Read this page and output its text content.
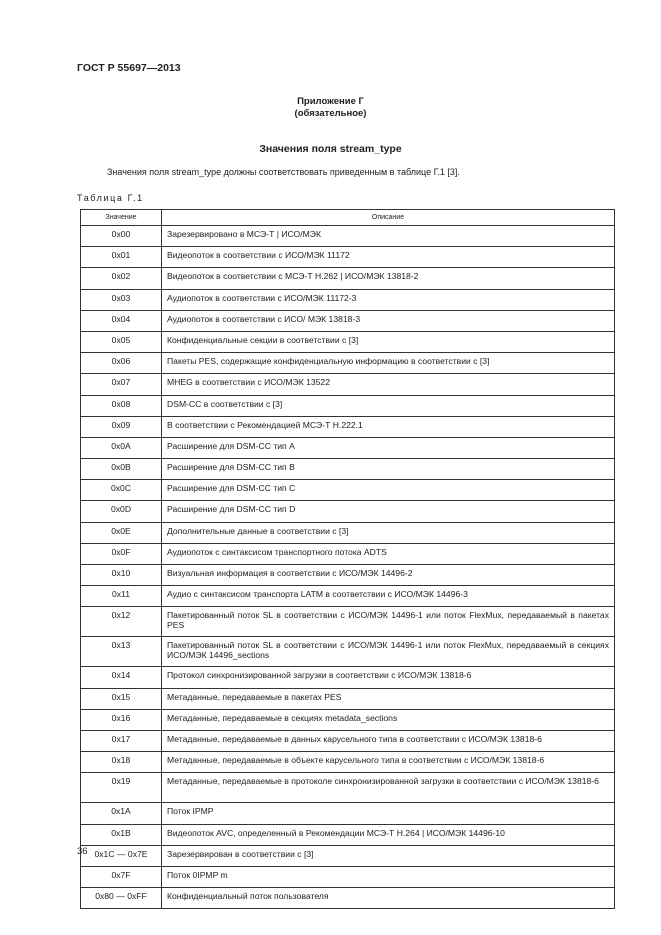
ГОСТ Р 55697—2013
Приложение Г
(обязательное)
Значения поля stream_type
Значения поля stream_type должны соответствовать приведенным в таблице Г.1 [3].
Таблица Г.1
Значение	Описание
0x00	Зарезервировано в МСЭ-Т | ИСО/МЭК
0x01	Видеопоток в соответствии с ИСО/МЭК 11172
0x02	Видеопоток в соответствии с МСЭ-Т H.262 | ИСО/МЭК 13818-2
0x03	Аудиопоток в соответствии с ИСО/МЭК 11172-3
0x04	Аудиопоток в соответствии с ИСО/ МЭК 13818-3
0x05	Конфиденциальные секции в соответствии с [3]
0x06	Пакеты PES, содержащие конфиденциальную информацию в соответствии с [3]
0x07	MHEG в соответствии с ИСО/МЭК 13522
0x08	DSM-CC в соответствии с [3]
0x09	В соответствии с Рекомендацией МСЭ-Т Н.222.1
0x0A	Расширение для DSM-CC тип А
0x0B	Расширение для DSM-CC тип В
0x0C	Расширение для DSM-CC тип С
0x0D	Расширение для DSM-CC тип D
0x0E	Дополнительные данные в соответствии с [3]
0x0F	Аудиопоток с синтаксисом транспортного потока ADTS
0x10	Визуальная информация в соответствии с ИСО/МЭК 14496-2
0x11	Аудио с синтаксисом транспорта LATM в соответствии с ИСО/МЭК 14496-3
0x12	Пакетированный поток SL в соответствии с ИСО/МЭК 14496-1 или поток FlexMux, передаваемый в пакетах PES
0x13	Пакетированный поток SL в соответствии с ИСО/МЭК 14496-1 или поток FlexMux, передаваемый в секциях ИСО/МЭК 14496_sections
0x14	Протокол синхронизированной загрузки в соответствии с ИСО/МЭК 13818-6
0x15	Метаданные, передаваемые в пакетах PES
0x16	Метаданные, передаваемые в секциях metadata_sections
0x17	Метаданные, передаваемые в данных карусельного типа в соответствии с ИСО/МЭК 13818-6
0x18	Метаданные, передаваемые в объекте карусельного типа в соответствии с ИСО/МЭК 13818-6
0x19	Метаданные, передаваемые в протоколе синхронизированной загрузки в соответствии с ИСО/МЭК 13818-6
0x1A	Поток IPMP
0x1B	Видеопоток AVC, определенный в Рекомендации МСЭ-Т H.264 | ИСО/МЭК 14496-10
0x1C — 0x7E	Зарезервирован в соответствии с [3]
0x7F	Поток 0IPMP m
0x80 — 0xFF	Конфиденциальный поток пользователя
36
